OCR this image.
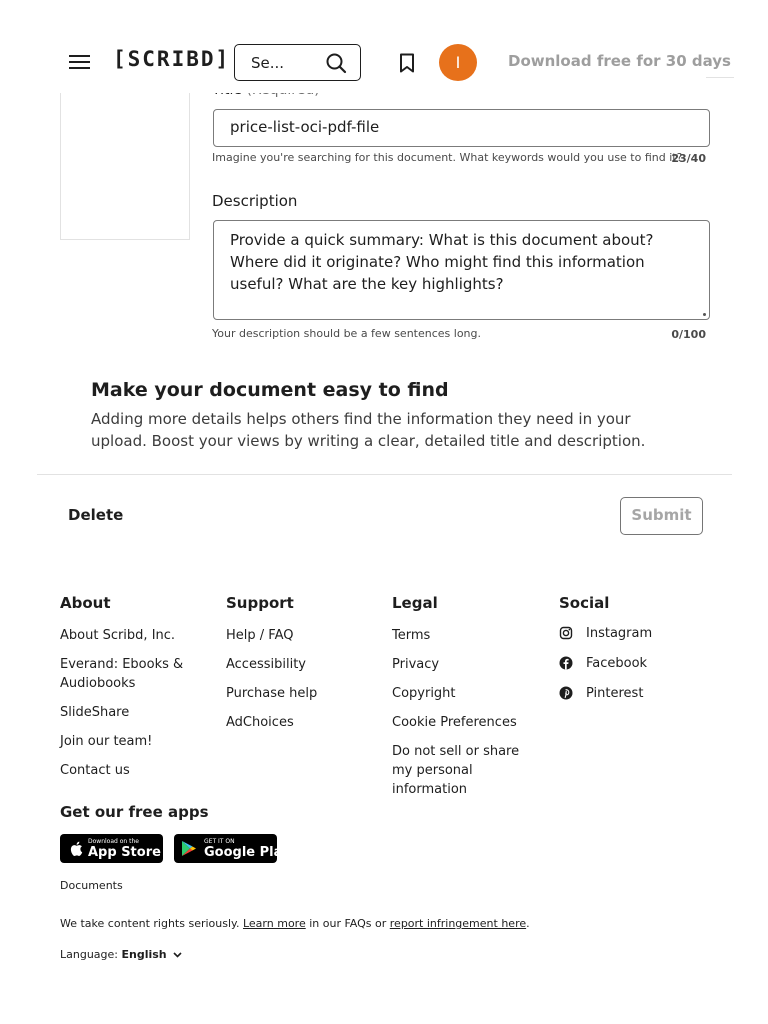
[SCRIBD] Se...	I	Download free for 30 days
price-list-oci-pdf-file
Imagine you're searching for this document. What keywords would you use to find it?
23/40
Description
Provide a quick summary: What is this document about? Where did it originate? Who might find this information useful? What are the key highlights?
Your description should be a few sentences long.	0/100
Make your document easy to find
Adding more details helps others find the information they need in your upload. Boost your views by writing a clear, detailed title and description.
Delete	Submit
About
About Scribd, Inc.
Everand: Ebooks & Audiobooks
SlideShare
Join our team!
Contact us
Support
Help / FAQ
Accessibility
Purchase help
AdChoices
Legal
Terms
Privacy
Copyright
Cookie Preferences
Do not sell or share my personal information
Social
Instagram
Facebook
Pinterest
Get our free apps
Download on the
App Store
GET IT ON
Google Play
Documents
We take content rights seriously. Learn more in our FAQs or report infringement here.
Language: English
